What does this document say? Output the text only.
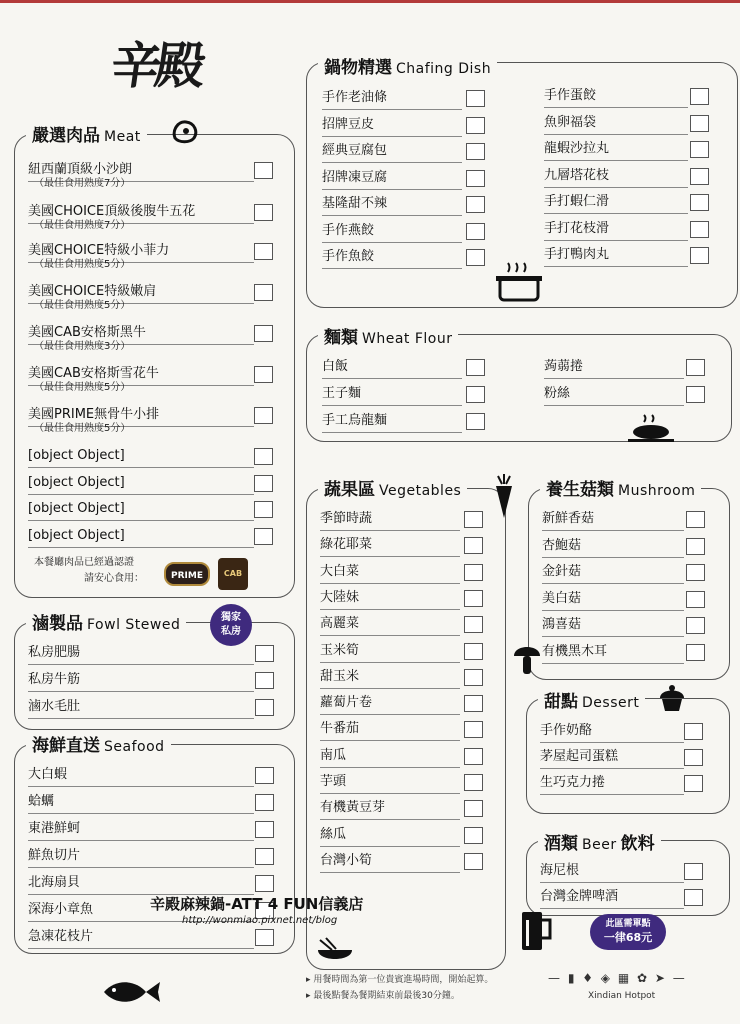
辛殿
嚴選肉品 Meat
紐西蘭頂級小沙朗
（最佳食用熟度7分）
美國CHOICE頂級後腹牛五花
（最佳食用熟度7分）
美國CHOICE特級小菲力
（最佳食用熟度5分）
美國CHOICE特級嫩肩
（最佳食用熟度5分）
美國CAB安格斯黑牛
（最佳食用熟度3分）
美國CAB安格斯雪花牛
（最佳食用熟度5分）
美國PRIME無骨牛小排
（最佳食用熟度5分）
[object Object]
[object Object]
[object Object]
[object Object]
本餐廳肉品已經過認證
請安心食用：	PRIME	CAB
滷製品 Fowl Stewed	獨家
私房
私房肥腸
私房牛筋
滷水毛肚
海鮮直送 Seafood
大白蝦
蛤蠣
東港鮮蚵
鮮魚切片
北海扇貝
深海小章魚
急凍花枝片
鍋物精選 Chafing Dish
手作老油條
招牌豆皮
經典豆腐包
招牌凍豆腐
基隆甜不辣
手作燕餃
手作魚餃
手作蛋餃
魚卵福袋
龍蝦沙拉丸
九層塔花枝
手打蝦仁滑
手打花枝滑
手打鴨肉丸
麵類 Wheat Flour
白飯
王子麵
手工烏龍麵
蒟蒻捲
粉絲
蔬果區 Vegetables
季節時蔬
綠花耶菜
大白菜
大陸妹
高麗菜
玉米筍
甜玉米
蘿蔔片卷
牛番茄
南瓜
芋頭
有機黃豆芽
絲瓜
台灣小筍
養生菇類 Mushroom
新鮮香菇
杏鮑菇
金針菇
美白菇
鴻喜菇
有機黑木耳
甜點 Dessert
手作奶酪
茅屋起司蛋糕
生巧克力捲
酒類 Beer 飲料
海尼根
台灣金牌啤酒
此區需單點
一律68元
辛殿麻辣鍋-ATT 4 FUN信義店
http://wonmiao.pixnet.net/blog
▸ 用餐時間為第一位貴賓進場時間，開始起算。
▸ 最後點餐為餐期結束前最後30分鐘。
— ▮ ♦ ◈ ▦ ✿ ➤ —
Xindian Hotpot
